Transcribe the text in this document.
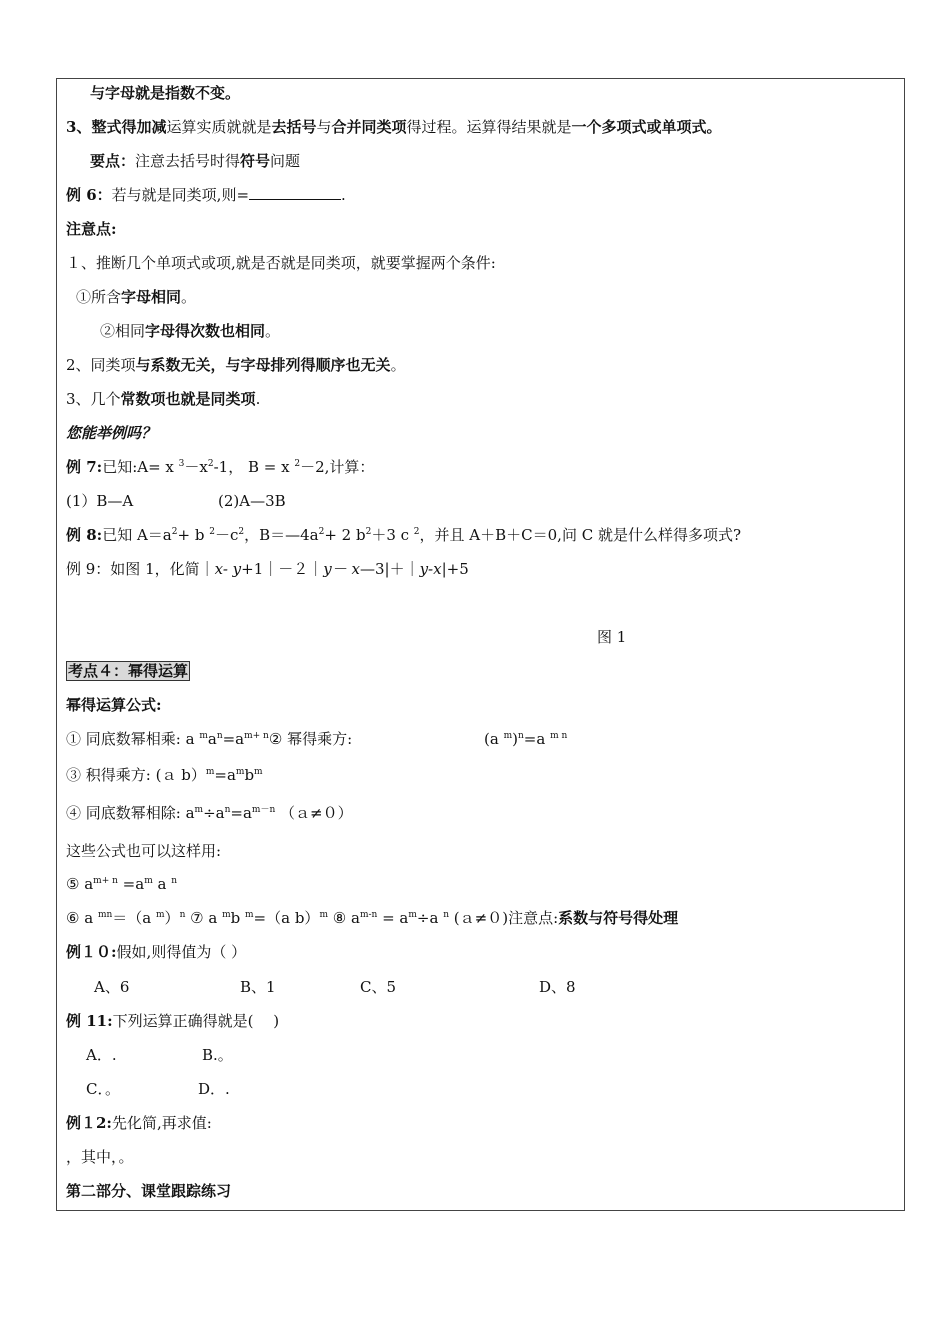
与字母就是指数不变。
3、整式得加减运算实质就就是去括号与合并同类项得过程。运算得结果就是一个多项式或单项式。
要点：注意去括号时得符号问题
例 6：若与就是同类项,则=	.
注意点:
１、推断几个单项式或项,就是否就是同类项，就要掌握两个条件:
①所含字母相同。
②相同字母得次数也相同。
2、同类项与系数无关，与字母排列得顺序也无关。
3、几个常数项也就是同类项.
您能举例吗？
例 7:已知:A= x $^3-x^2-1$， B = x $^2$－2,计算：
(1）B—A	(2)A—3B
例 8:已知 $A=a^2+ b$ $^2-c^2$，$B=—4a^2+ 2$ $b^2+3$ c $^2$，并且 A＋B＋C＝0,问 C 就是什么样得多项式?
例 9：如图 1，化简｜x- y+1｜－２｜y－ x—3|＋｜y-x|+5
图 1
考点４：幂得运算
幂得运算公式:
① 同底数幂相乘: a $^ma^n=a^{m+ n}②$ 幂得乘方:	(a $^m$)$^n$=a $^{m n}$
③ 积得乘方: (ａ $b)^m=a^mb^m$
④ 同底数幂相除: $a^m\div a^n=a^{m-n}$ （ａ≠０）
这些公式也可以这样用:
⑤ $a^{m+ n} =a^m$ a $^n$
⑥ a $^{mn}$＝（a $^m$）$^n$ ⑦ a $^m$b $^m$=（a b）$^m$ ⑧ $a^{m-n} = a^m\div a$ $^n$ (ａ≠０)注意点:系数与符号得处理
例１０:假如,则得值为（ ）
A、6	B、1	C、5	D、8
例 11:下列运算正确得就是(　 )
A．.	B.。
C．。	D．.
例１2:先化简,再求值:
，其中，。
第二部分、课堂跟踪练习
